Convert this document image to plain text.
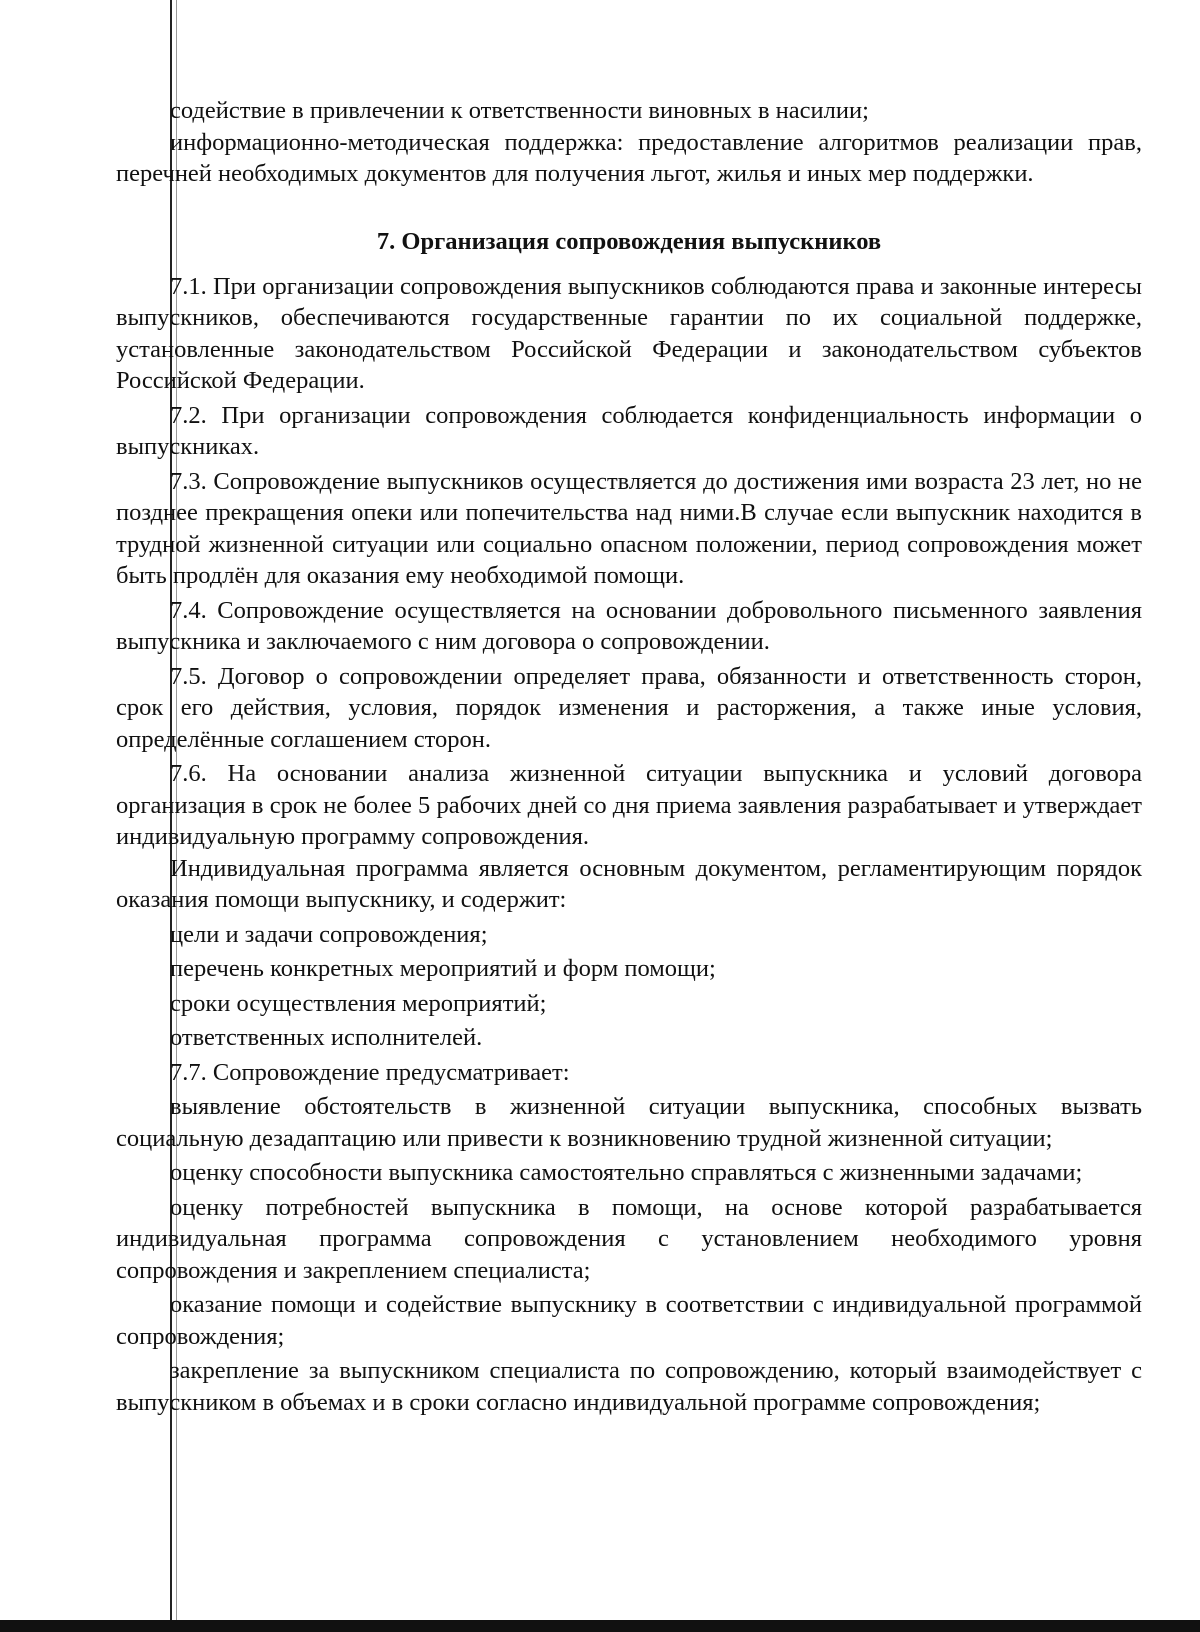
содействие в привлечении к ответственности виновных в насилии;

информационно-методическая поддержка: предоставление алгоритмов реализации прав, перечней необходимых документов для получения льгот, жилья и иных мер поддержки.

7. Организация сопровождения выпускников

7.1. При организации сопровождения выпускников соблюдаются права и законные интересы выпускников, обеспечиваются государственные гарантии по их социальной поддержке, установленные законодательством Российской Федерации и законодательством субъектов Российской Федерации.

7.2. При организации сопровождения соблюдается конфиденциальность информации о выпускниках.

7.3. Сопровождение выпускников осуществляется до достижения ими возраста 23 лет, но не позднее прекращения опеки или попечительства над ними.В случае если выпускник находится в трудной жизненной ситуации или социально опасном положении, период сопровождения может быть продлён для оказания ему необходимой помощи.

7.4. Сопровождение осуществляется на основании добровольного письменного заявления выпускника и заключаемого с ним договора о сопровождении.

7.5. Договор о сопровождении определяет права, обязанности и ответственность сторон, срок его действия, условия, порядок изменения и расторжения, а также иные условия, определённые соглашением сторон.

7.6. На основании анализа жизненной ситуации выпускника и условий договора организация в срок не более 5 рабочих дней со дня приема заявления разрабатывает и утверждает индивидуальную программу сопровождения.

Индивидуальная программа является основным документом, регламентирующим порядок оказания помощи выпускнику, и содержит:

цели и задачи сопровождения;

перечень конкретных мероприятий и форм помощи;

сроки осуществления мероприятий;

ответственных исполнителей.

7.7. Сопровождение предусматривает:

выявление обстоятельств в жизненной ситуации выпускника, способных вызвать социальную дезадаптацию или привести к возникновению трудной жизненной ситуации;

оценку способности выпускника самостоятельно справляться с жизненными задачами;

оценку потребностей выпускника в помощи, на основе которой разрабатывается индивидуальная программа сопровождения с установлением необходимого уровня сопровождения и закреплением специалиста;

оказание помощи и содействие выпускнику в соответствии с индивидуальной программой сопровождения;

закрепление за выпускником специалиста по сопровождению, который взаимодействует с выпускником в объемах и в сроки согласно индивидуальной программе сопровождения;
